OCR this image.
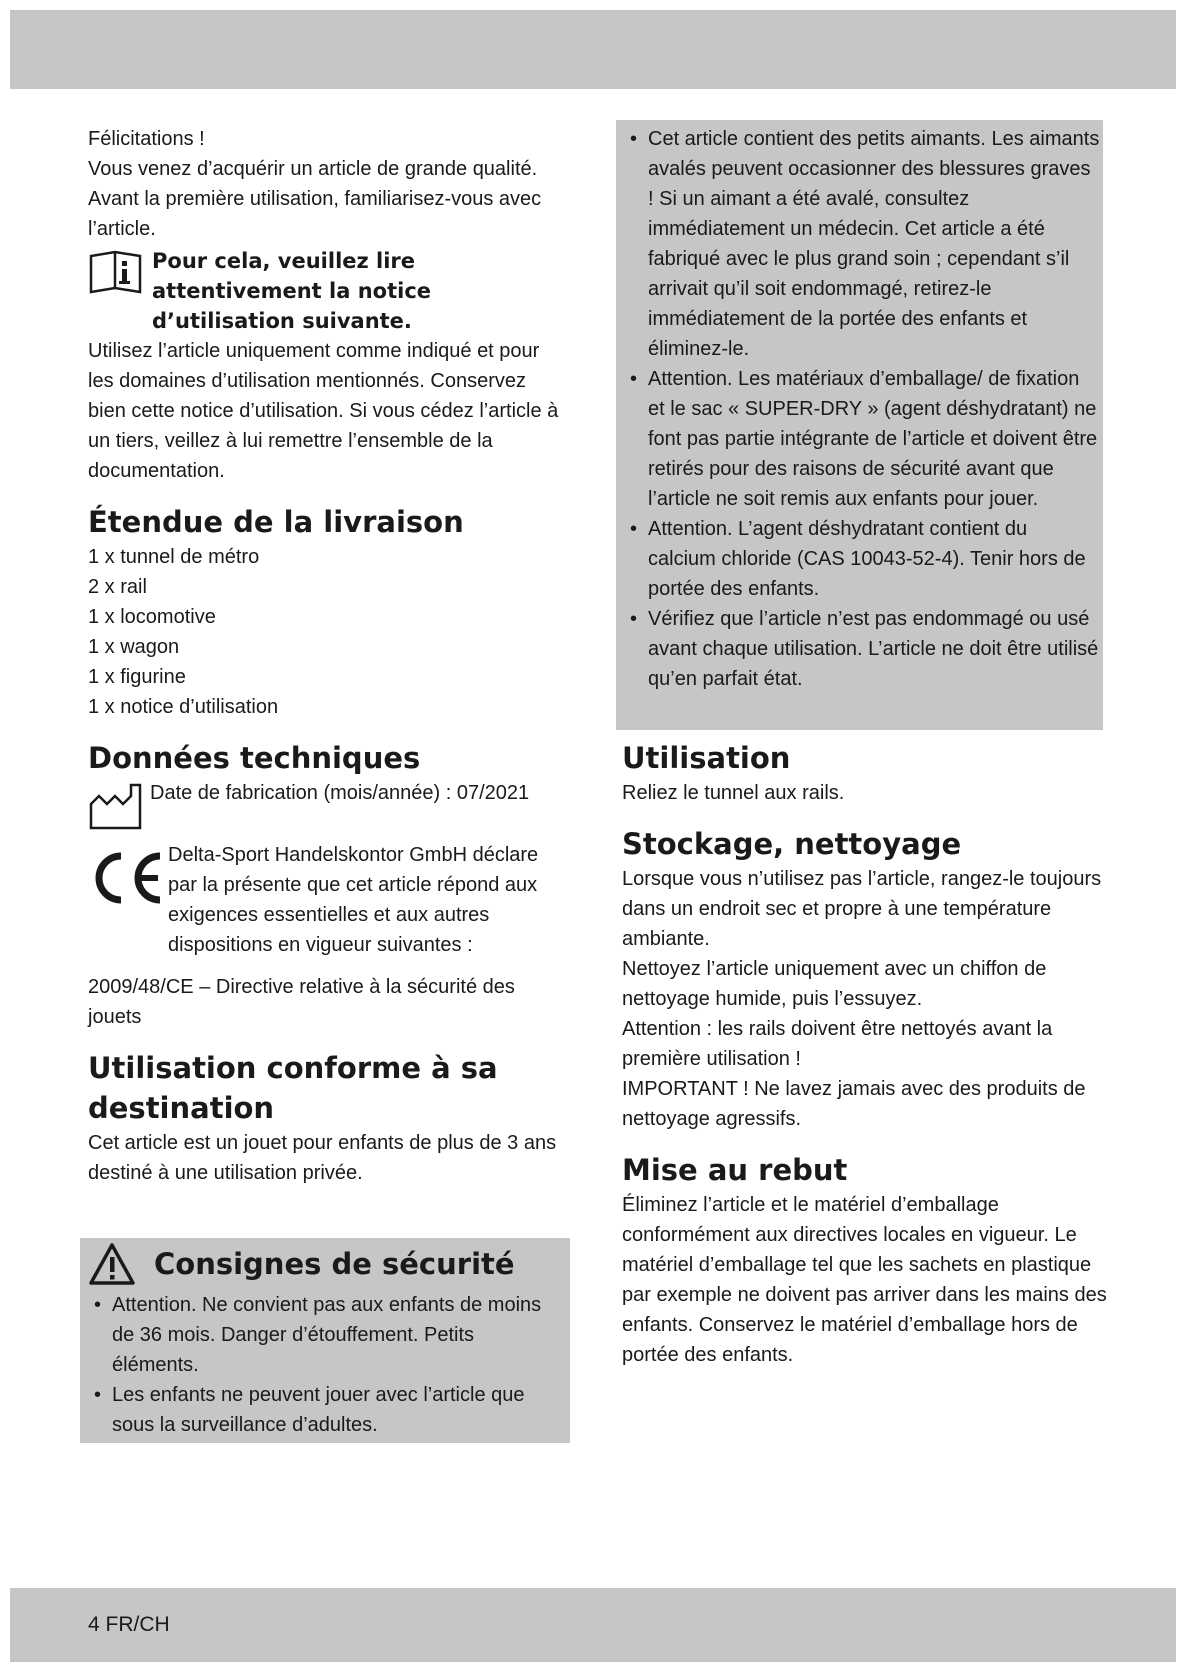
Félicitations !

Vous venez d’acquérir un article de grande qualité. Avant la première utilisation, familiarisez-vous avec l’article.

Pour cela, veuillez lire attentivement la notice d’utilisation suivante.

Utilisez l’article uniquement comme indiqué et pour les domaines d’utilisation mentionnés. Conservez bien cette notice d’utilisation. Si vous cédez l’article à un tiers, veillez à lui remettre l’ensemble de la documentation.

Étendue de la livraison
1 x tunnel de métro
2 x rail
1 x locomotive
1 x wagon
1 x figurine
1 x notice d’utilisation
Données techniques
Date de fabrication (mois/année) : 07/2021
Delta-Sport Handelskontor GmbH déclare par la présente que cet article répond aux exigences essentielles et aux autres dispositions en vigueur suivantes :

2009/48/CE – Directive relative à la sécurité des jouets

Utilisation conforme à sa destination

Cet article est un jouet pour enfants de plus de 3 ans destiné à une utilisation privée.

Consignes de sécurité
• Attention. Ne convient pas aux enfants de moins de 36 mois. Danger d’étouffement. Petits éléments.
• Les enfants ne peuvent jouer avec l’article que sous la surveillance d’adultes.
• Cet article contient des petits aimants. Les aimants avalés peuvent occasionner des blessures graves ! Si un aimant a été avalé, consultez immédiatement un médecin. Cet article a été fabriqué avec le plus grand soin ; cependant s’il arrivait qu’il soit endommagé, retirez-le immédiatement de la portée des enfants et éliminez-le.
• Attention. Les matériaux d’emballage/ de fixation et le sac « SUPER-DRY » (agent déshydratant) ne font pas partie intégrante de l’article et doivent être retirés pour des raisons de sécurité avant que l’article ne soit remis aux enfants pour jouer.
• Attention. L’agent déshydratant contient du calcium chloride (CAS 10043-52-4). Tenir hors de portée des enfants.
• Vérifiez que l’article n’est pas endommagé ou usé avant chaque utilisation. L’article ne doit être utilisé qu’en parfait état.
Utilisation

Reliez le tunnel aux rails.

Stockage, nettoyage

Lorsque vous n’utilisez pas l’article, rangez-le toujours dans un endroit sec et propre à une température ambiante.

Nettoyez l’article uniquement avec un chiffon de nettoyage humide, puis l’essuyez.

Attention : les rails doivent être nettoyés avant la première utilisation !

IMPORTANT ! Ne lavez jamais avec des produits de nettoyage agressifs.

Mise au rebut

Éliminez l’article et le matériel d’emballage conformément aux directives locales en vigueur. Le matériel d’emballage tel que les sachets en plastique par exemple ne doivent pas arriver dans les mains des enfants. Conservez le matériel d’emballage hors de portée des enfants.

4 FR/CH
